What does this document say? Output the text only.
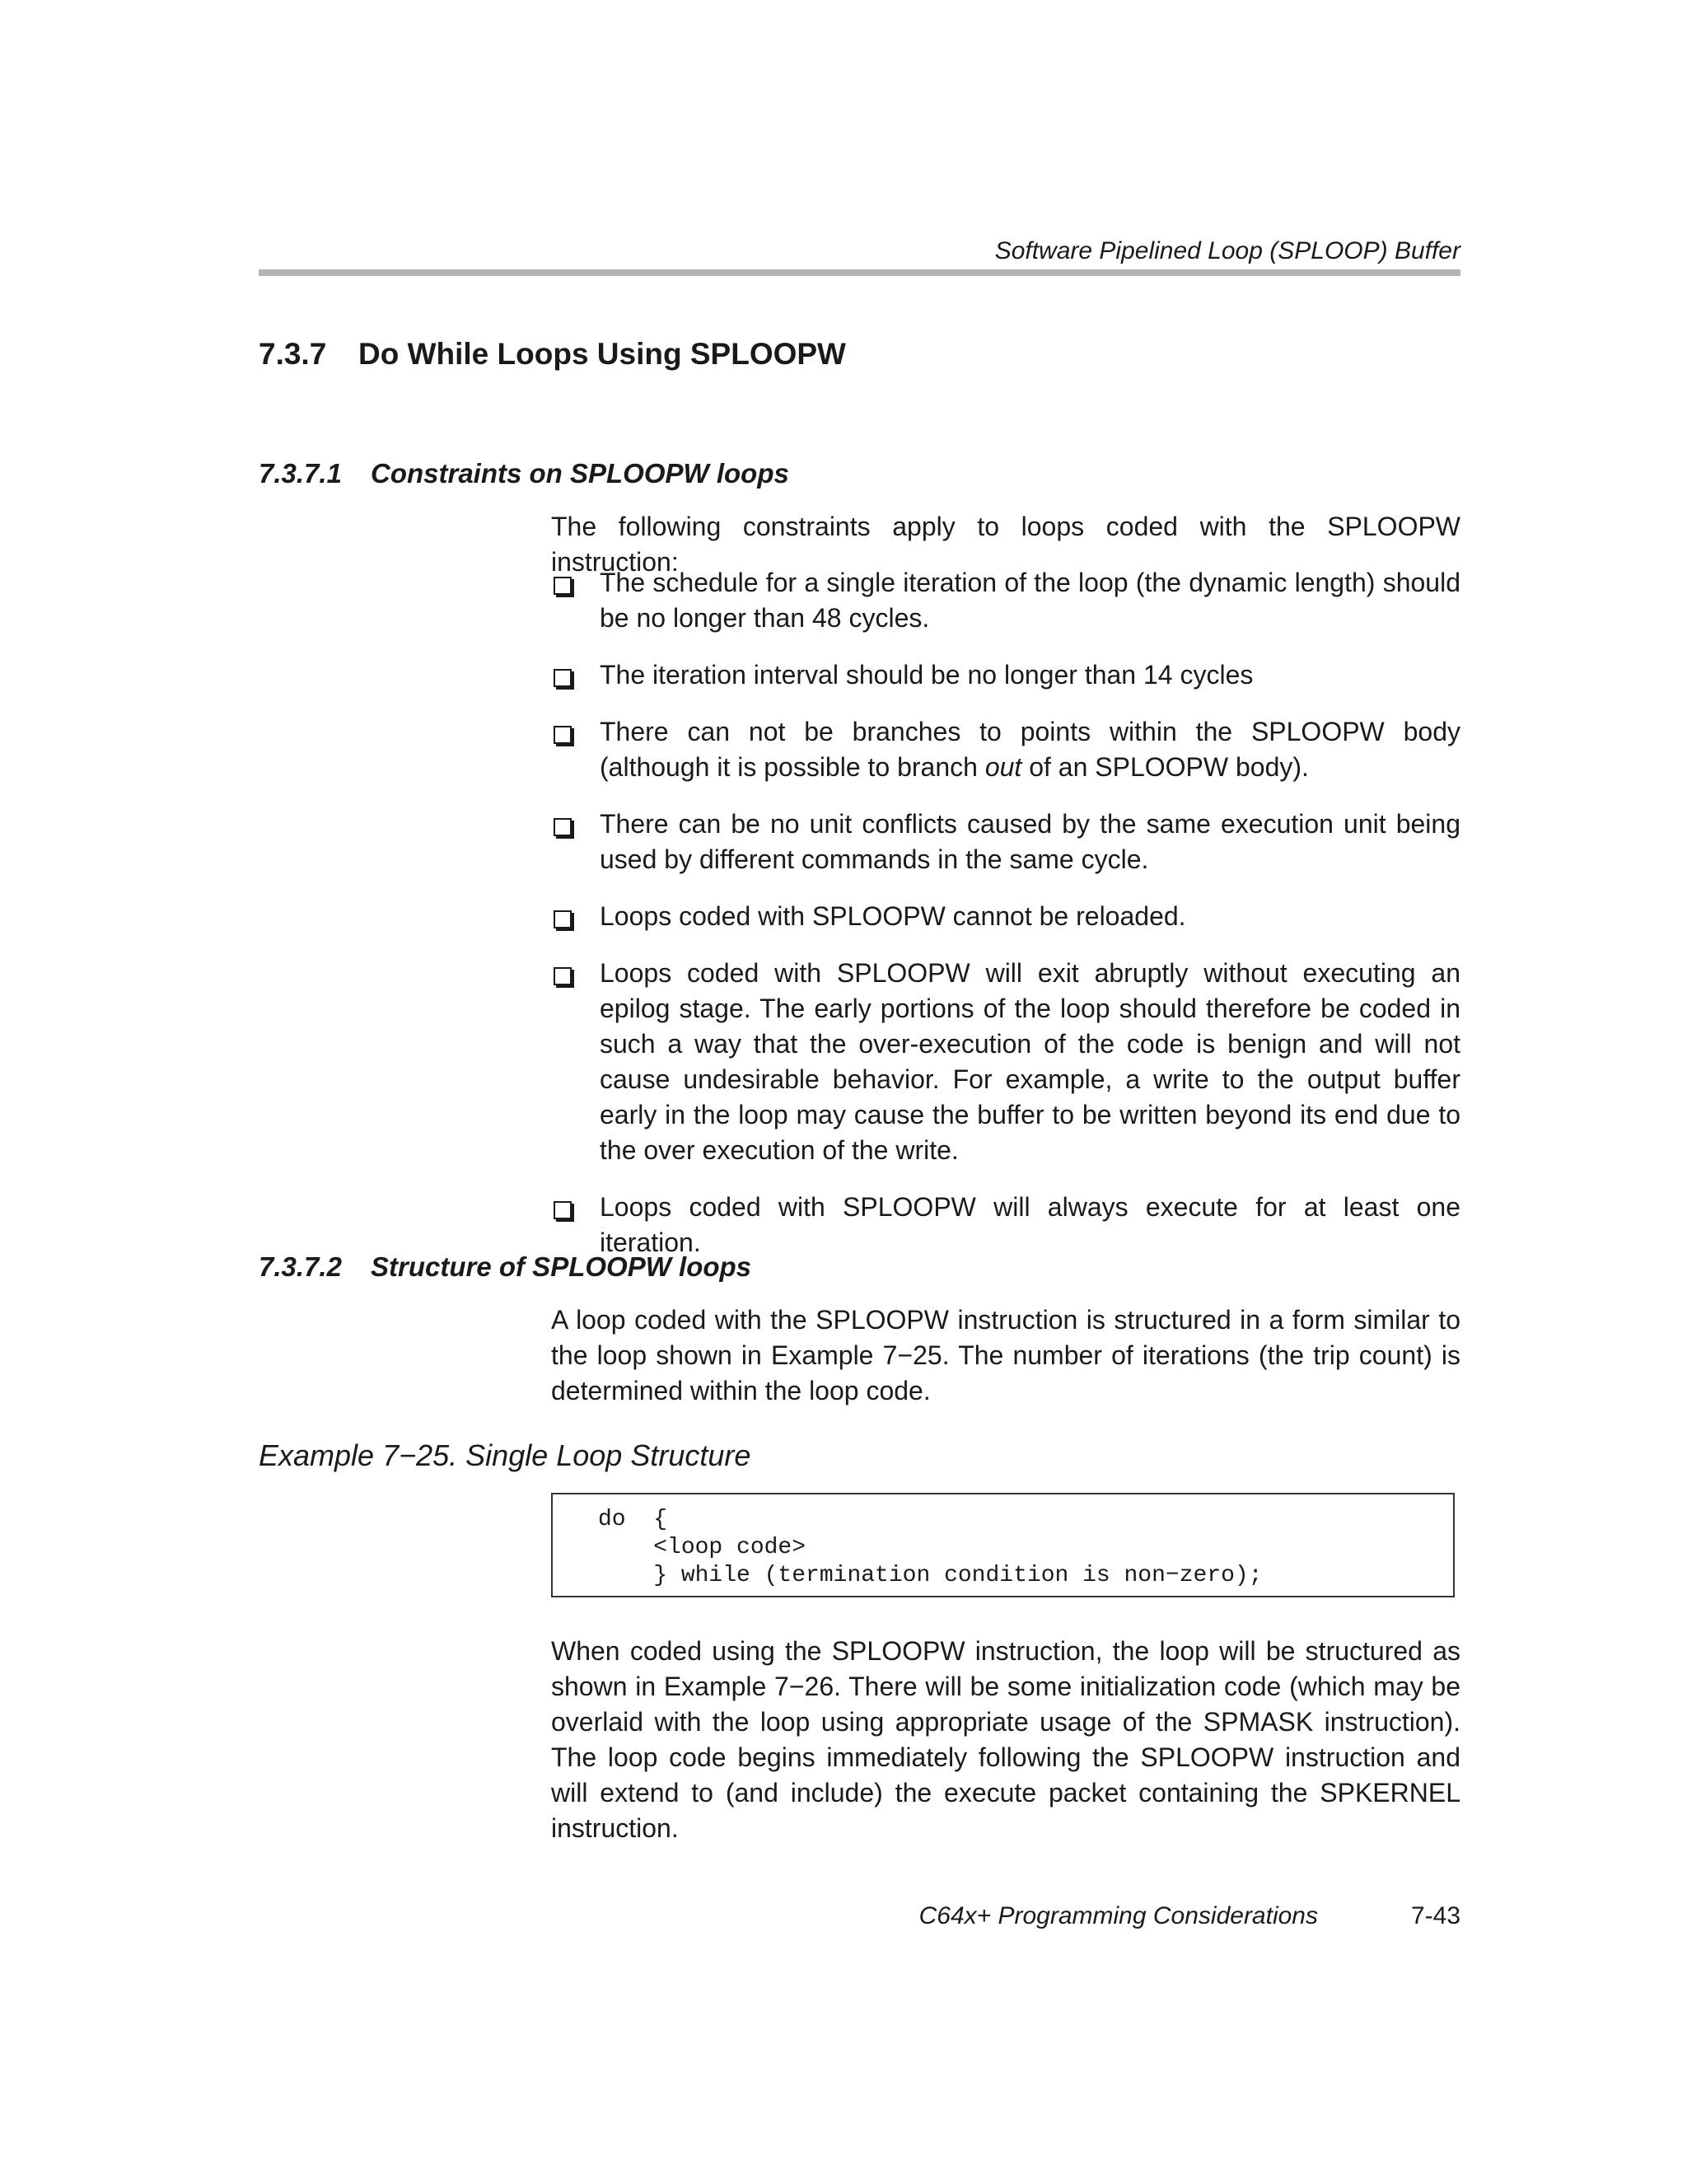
Software Pipelined Loop (SPLOOP) Buffer
7.3.7 Do While Loops Using SPLOOPW
7.3.7.1 Constraints on SPLOOPW loops
The following constraints apply to loops coded with the SPLOOPW instruction:
The schedule for a single iteration of the loop (the dynamic length) should be no longer than 48 cycles.
The iteration interval should be no longer than 14 cycles
There can not be branches to points within the SPLOOPW body (although it is possible to branch out of an SPLOOPW body).
There can be no unit conflicts caused by the same execution unit being used by different commands in the same cycle.
Loops coded with SPLOOPW cannot be reloaded.
Loops coded with SPLOOPW will exit abruptly without executing an epilog stage. The early portions of the loop should therefore be coded in such a way that the over-execution of the code is benign and will not cause undesirable behavior. For example, a write to the output buffer early in the loop may cause the buffer to be written beyond its end due to the over execution of the write.
Loops coded with SPLOOPW will always execute for at least one iteration.
7.3.7.2 Structure of SPLOOPW loops
A loop coded with the SPLOOPW instruction is structured in a form similar to the loop shown in Example 7−25. The number of iterations (the trip count) is determined within the loop code.
Example 7−25. Single Loop Structure
do  {
<loop code>
} while (termination condition is non−zero);
When coded using the SPLOOPW instruction, the loop will be structured as shown in Example 7−26. There will be some initialization code (which may be overlaid with the loop using appropriate usage of the SPMASK instruction). The loop code begins immediately following the SPLOOPW instruction and will extend to (and include) the execute packet containing the SPKERNEL instruction.
C64x+ Programming Considerations	7-43
